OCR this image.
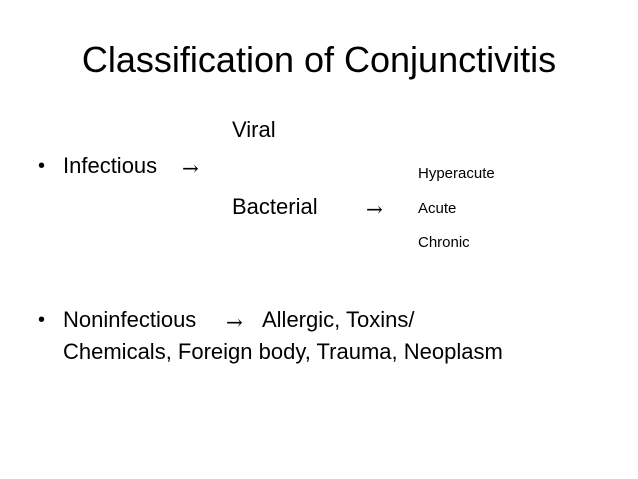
Classification of Conjunctivitis
Viral
• Infectious →	Hyperacute
Bacterial → Acute
Chronic
• Noninfectious → Allergic, Toxins/
Chemicals, Foreign body, Trauma, Neoplasm
